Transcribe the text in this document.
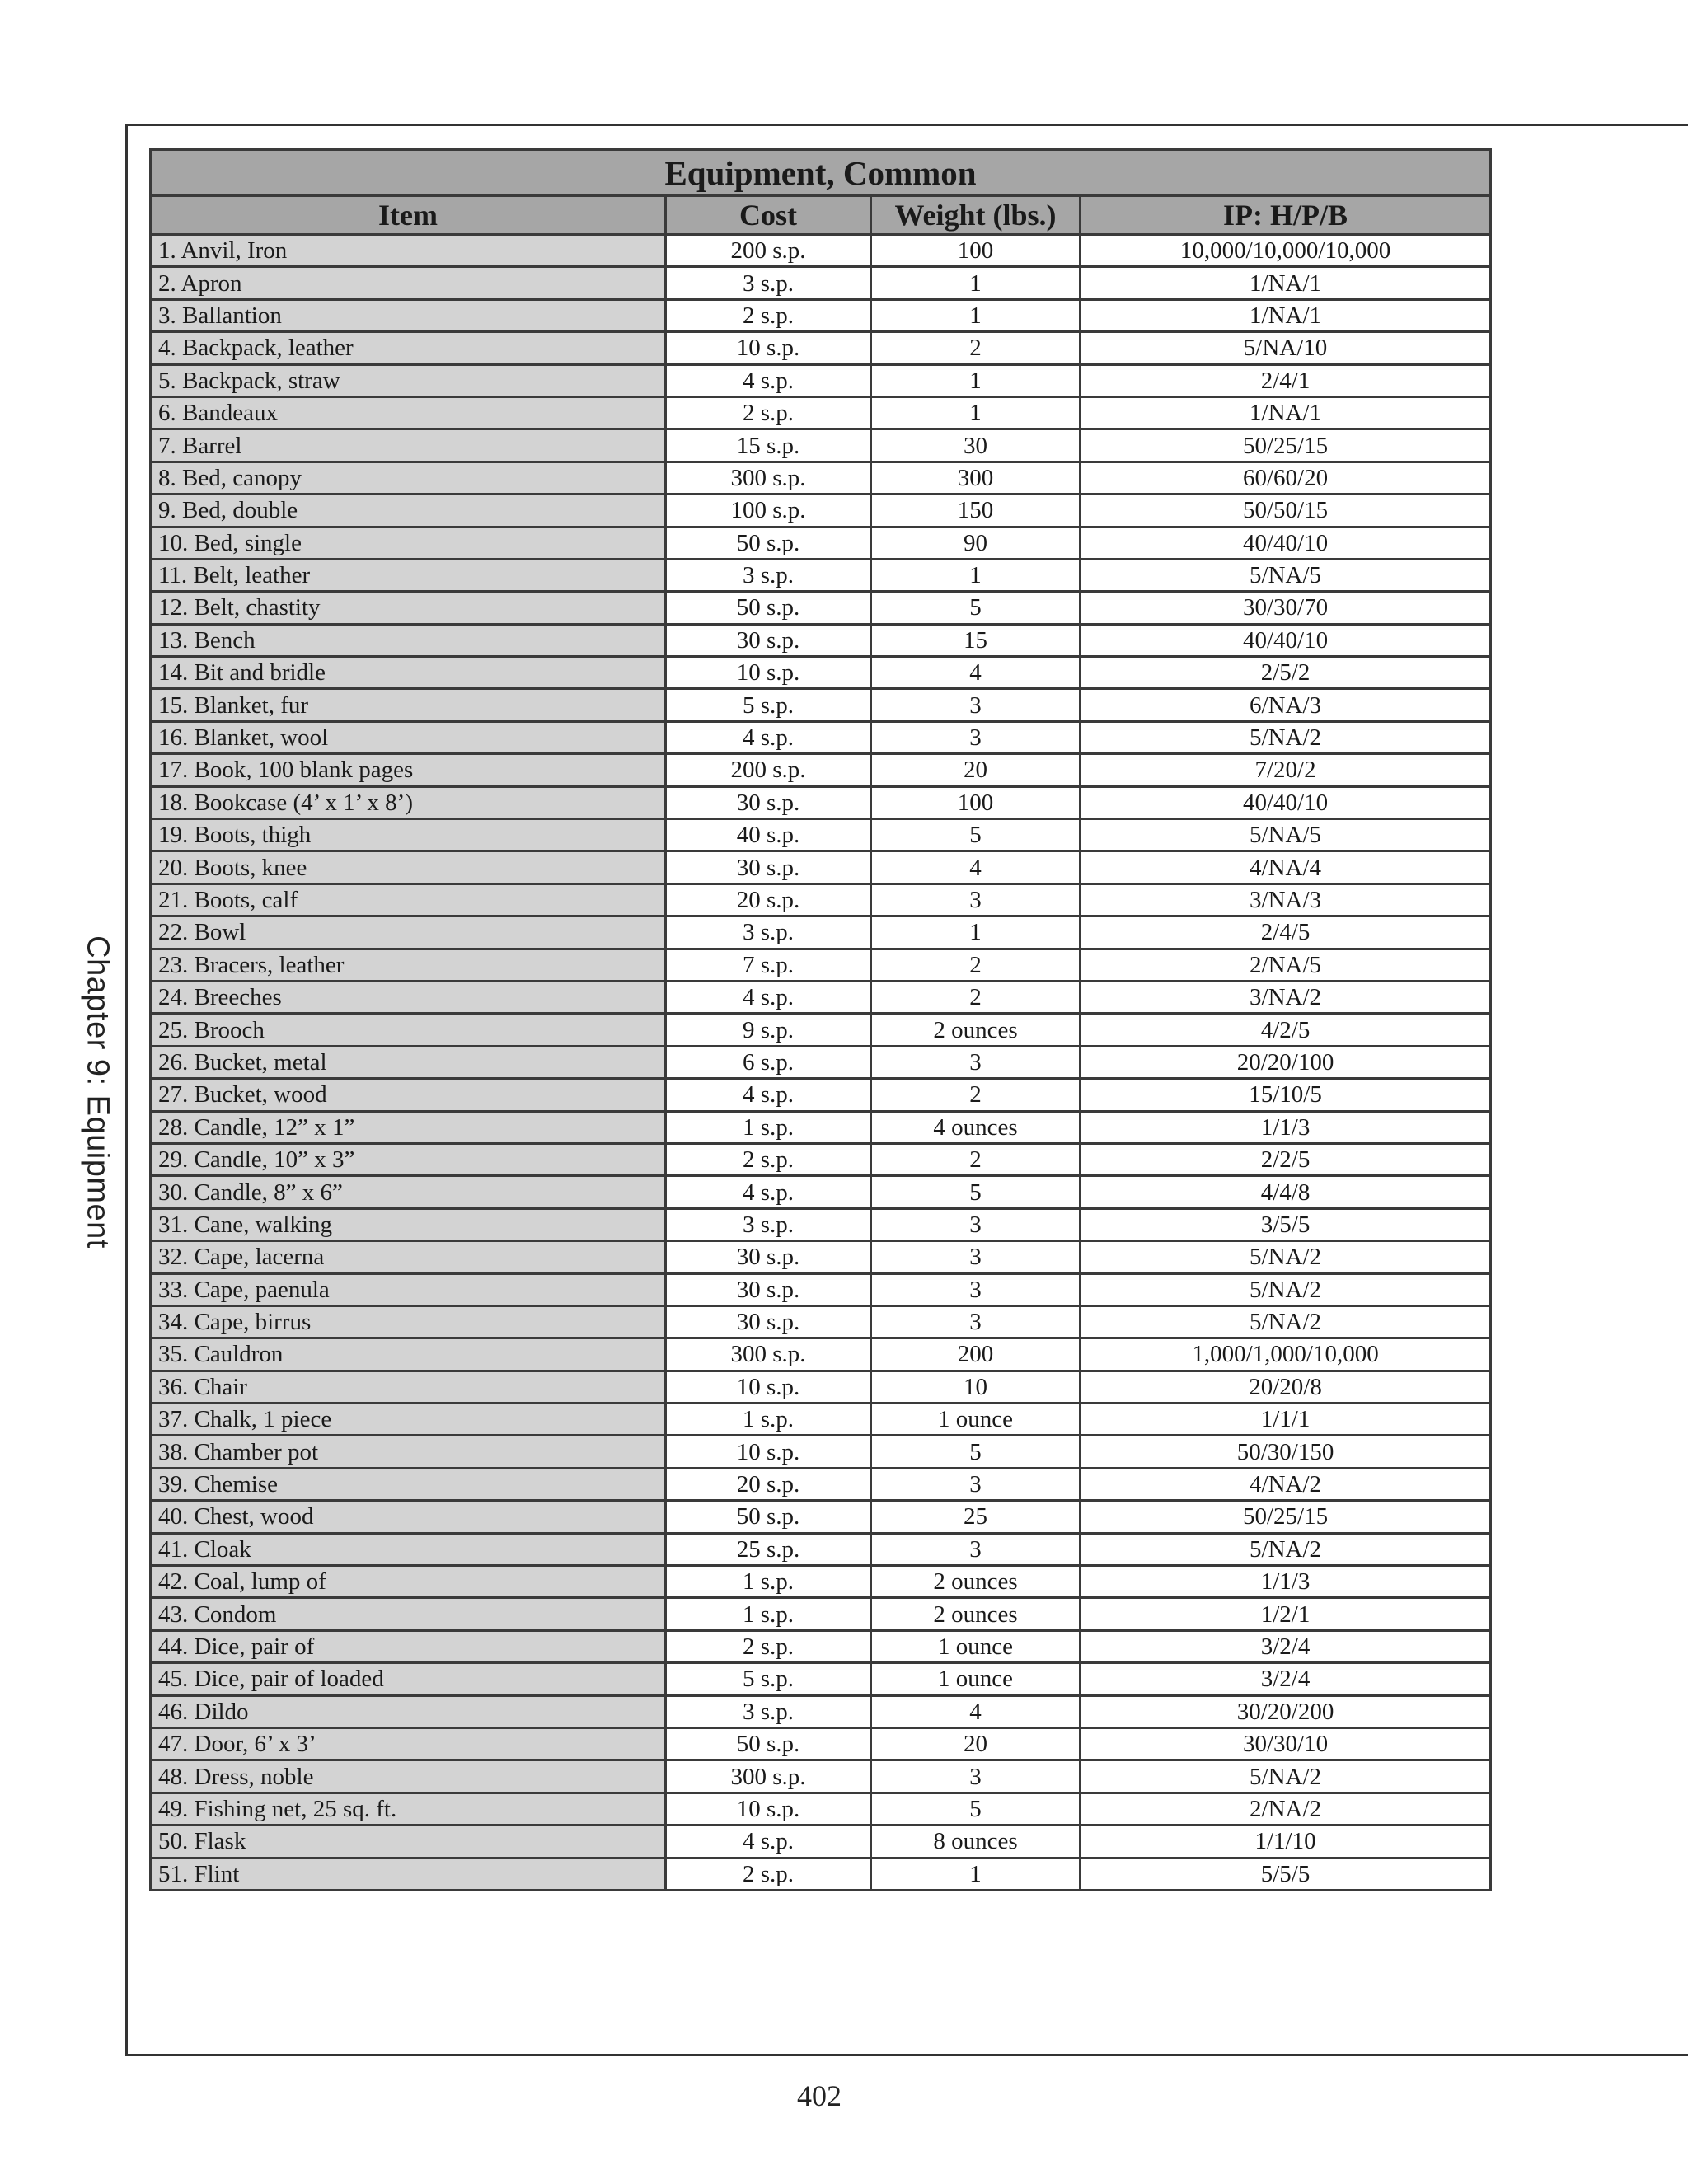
Chapter 9: Equipment
Equipment, Common			
Item	Cost	Weight (lbs.)	IP: H/P/B
1. Anvil, Iron	200 s.p.	100	10,000/10,000/10,000
2. Apron	3 s.p.	1	1/NA/1
3. Ballantion	2 s.p.	1	1/NA/1
4. Backpack, leather	10 s.p.	2	5/NA/10
5. Backpack, straw	4 s.p.	1	2/4/1
6. Bandeaux	2 s.p.	1	1/NA/1
7. Barrel	15 s.p.	30	50/25/15
8. Bed, canopy	300 s.p.	300	60/60/20
9. Bed, double	100 s.p.	150	50/50/15
10. Bed, single	50 s.p.	90	40/40/10
11. Belt, leather	3 s.p.	1	5/NA/5
12. Belt, chastity	50 s.p.	5	30/30/70
13. Bench	30 s.p.	15	40/40/10
14. Bit and bridle	10 s.p.	4	2/5/2
15. Blanket, fur	5 s.p.	3	6/NA/3
16. Blanket, wool	4 s.p.	3	5/NA/2
17. Book, 100 blank pages	200 s.p.	20	7/20/2
18. Bookcase (4’ x 1’ x 8’)	30 s.p.	100	40/40/10
19. Boots, thigh	40 s.p.	5	5/NA/5
20. Boots, knee	30 s.p.	4	4/NA/4
21. Boots, calf	20 s.p.	3	3/NA/3
22. Bowl	3 s.p.	1	2/4/5
23. Bracers, leather	7 s.p.	2	2/NA/5
24. Breeches	4 s.p.	2	3/NA/2
25. Brooch	9 s.p.	2 ounces	4/2/5
26. Bucket, metal	6 s.p.	3	20/20/100
27. Bucket, wood	4 s.p.	2	15/10/5
28. Candle, 12” x 1”	1 s.p.	4 ounces	1/1/3
29. Candle, 10” x 3”	2 s.p.	2	2/2/5
30. Candle, 8” x 6”	4 s.p.	5	4/4/8
31. Cane, walking	3 s.p.	3	3/5/5
32. Cape, lacerna	30 s.p.	3	5/NA/2
33. Cape, paenula	30 s.p.	3	5/NA/2
34. Cape, birrus	30 s.p.	3	5/NA/2
35. Cauldron	300 s.p.	200	1,000/1,000/10,000
36. Chair	10 s.p.	10	20/20/8
37. Chalk, 1 piece	1 s.p.	1 ounce	1/1/1
38. Chamber pot	10 s.p.	5	50/30/150
39. Chemise	20 s.p.	3	4/NA/2
40. Chest, wood	50 s.p.	25	50/25/15
41. Cloak	25 s.p.	3	5/NA/2
42. Coal, lump of	1 s.p.	2 ounces	1/1/3
43. Condom	1 s.p.	2 ounces	1/2/1
44. Dice, pair of	2 s.p.	1 ounce	3/2/4
45. Dice, pair of loaded	5 s.p.	1 ounce	3/2/4
46. Dildo	3 s.p.	4	30/20/200
47. Door, 6’ x 3’	50 s.p.	20	30/30/10
48. Dress, noble	300 s.p.	3	5/NA/2
49. Fishing net, 25 sq. ft.	10 s.p.	5	2/NA/2
50. Flask	4 s.p.	8 ounces	1/1/10
51. Flint	2 s.p.	1	5/5/5
402
